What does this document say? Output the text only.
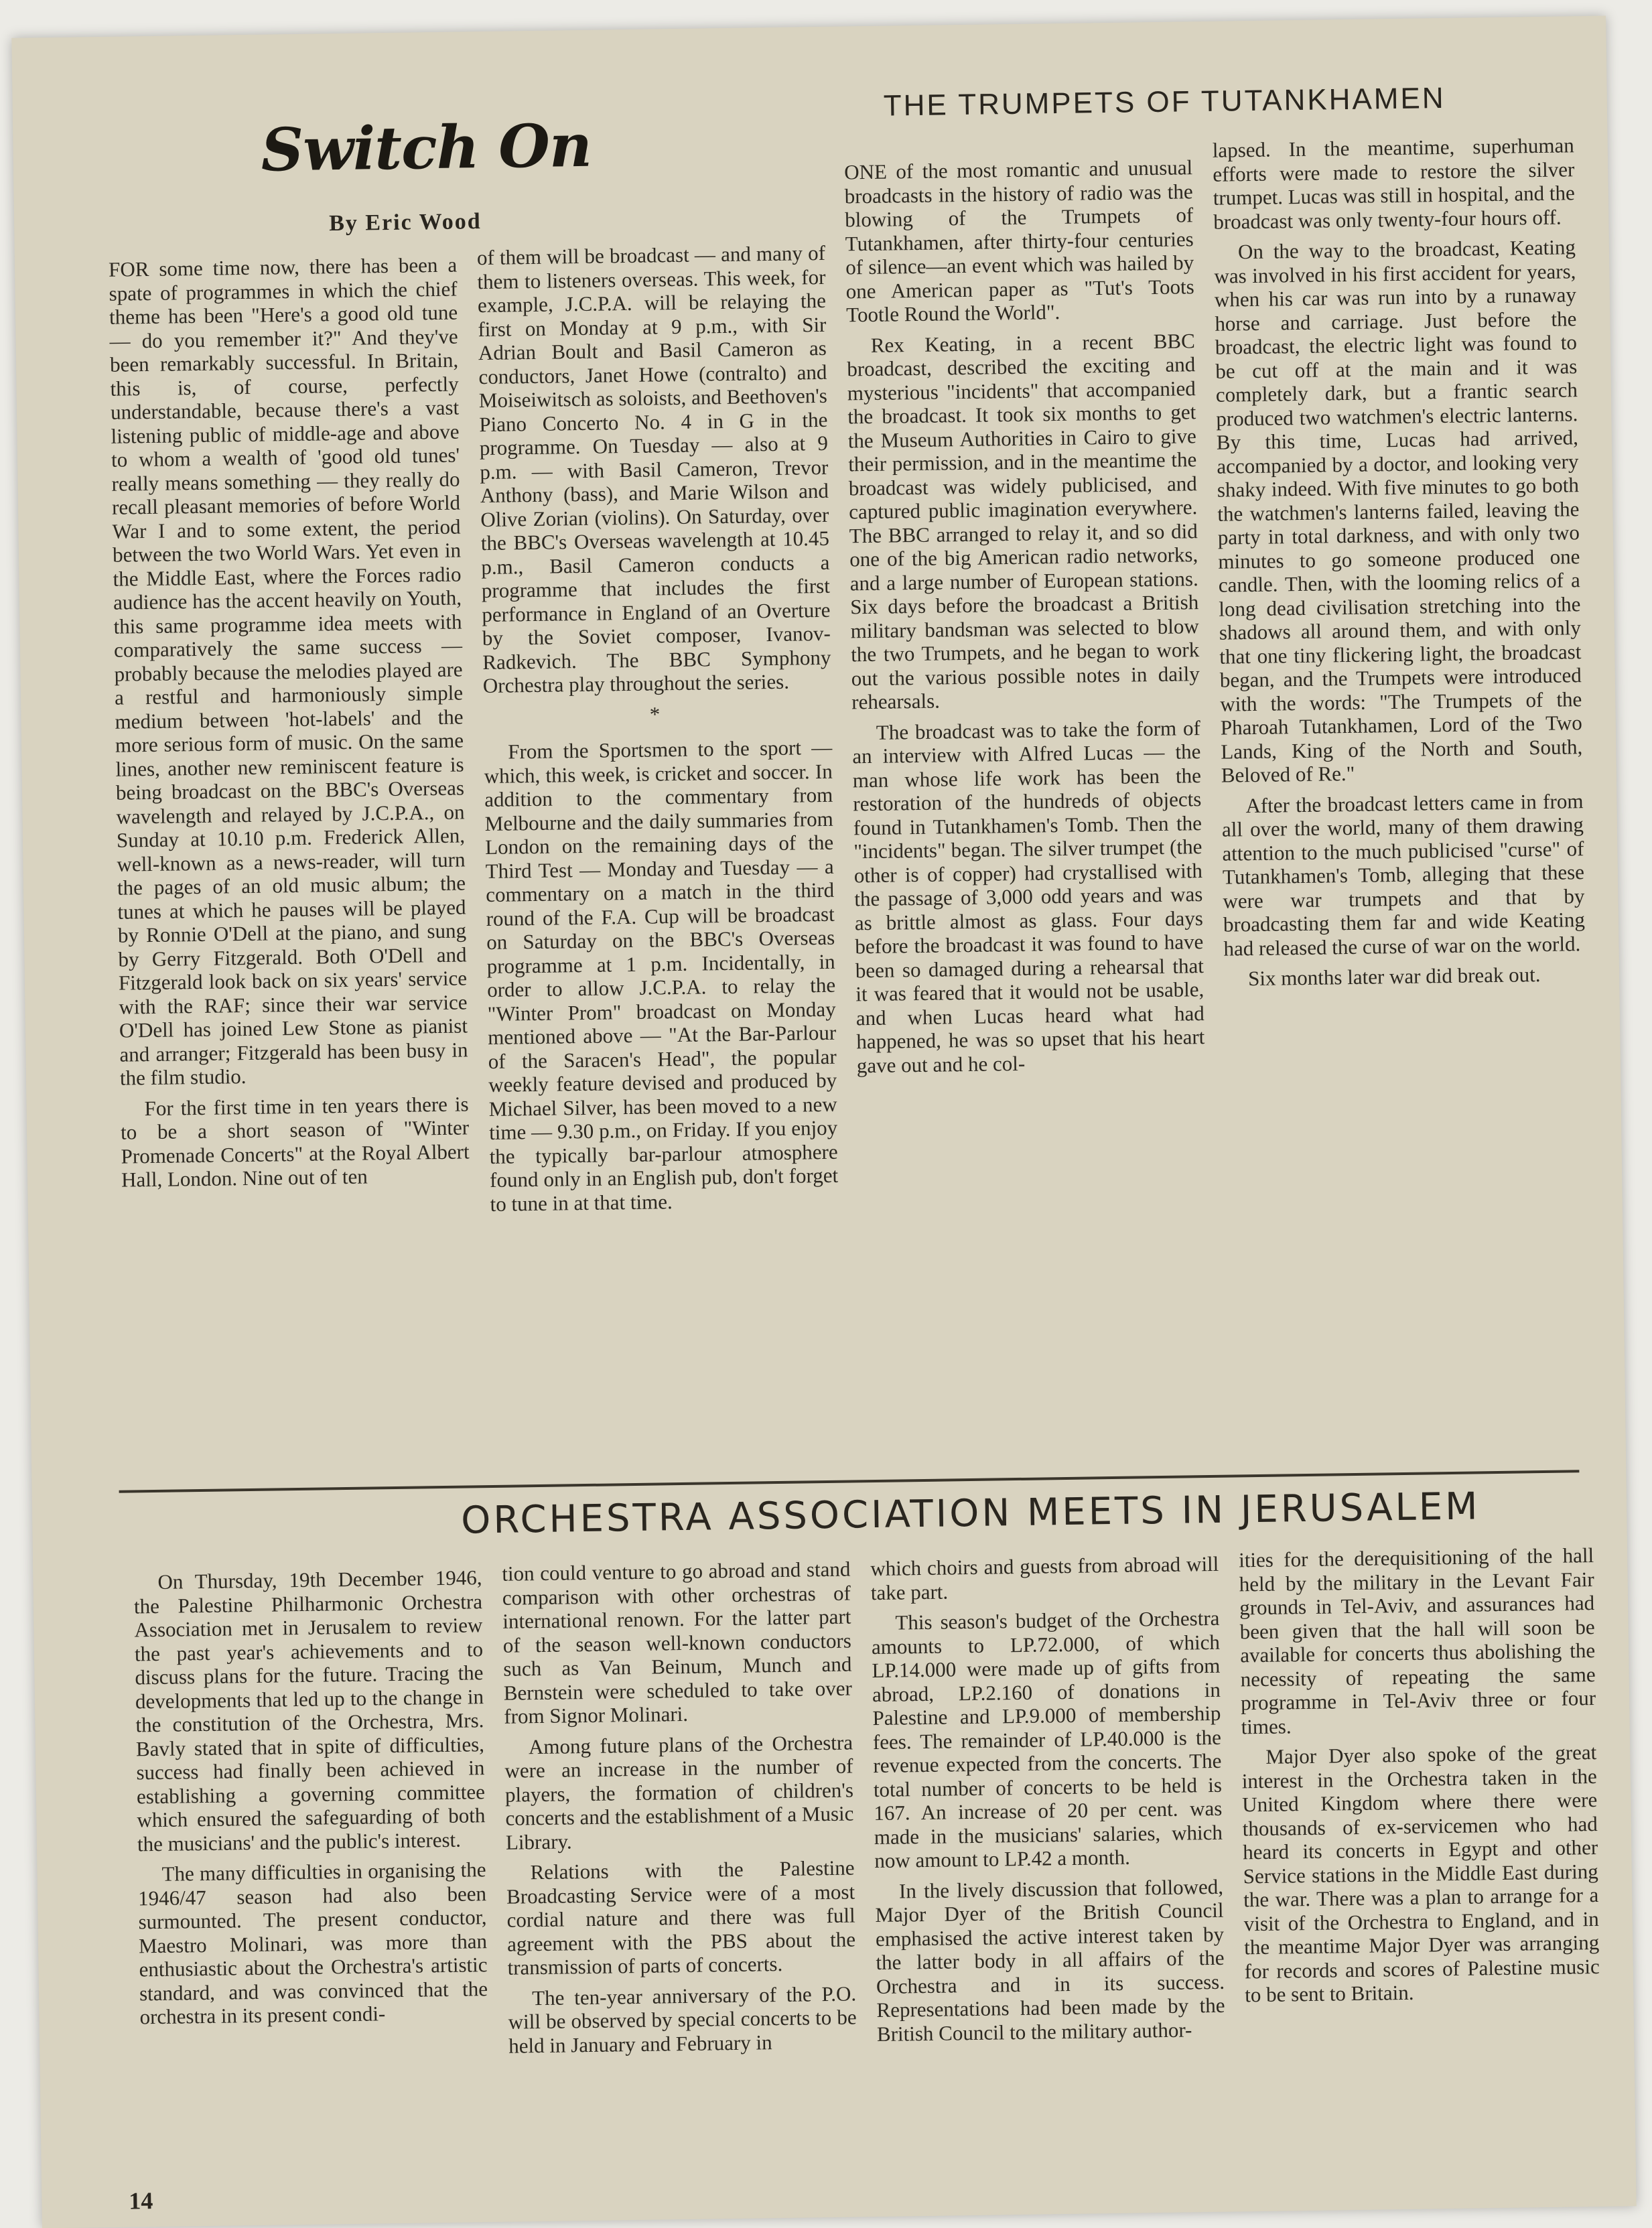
Switch On
By Eric Wood

FOR some time now, there has been a spate of programmes in which the chief theme has been "Here's a good old tune — do you remember it?" And they've been remarkably successful. In Britain, this is, of course, perfectly understandable, because there's a vast listening public of middle-age and above to whom a wealth of 'good old tunes' really means something — they really do recall pleasant memories of before World War I and to some extent, the period between the two World Wars. Yet even in the Middle East, where the Forces radio audience has the accent heavily on Youth, this same programme idea meets with comparatively the same success — probably because the melodies played are a restful and harmoniously simple medium between 'hot-labels' and the more serious form of music. On the same lines, another new reminiscent feature is being broadcast on the BBC's Overseas wavelength and relayed by J.C.P.A., on Sunday at 10.10 p.m. Frederick Allen, well-known as a news-reader, will turn the pages of an old music album; the tunes at which he pauses will be played by Ronnie O'Dell at the piano, and sung by Gerry Fitzgerald. Both O'Dell and Fitzgerald look back on six years' service with the RAF; since their war service O'Dell has joined Lew Stone as pianist and arranger; Fitzgerald has been busy in the film studio.

For the first time in ten years there is to be a short season of "Winter Promenade Concerts" at the Royal Albert Hall, London. Nine out of ten

of them will be broadcast — and many of them to listeners overseas. This week, for example, J.C.P.A. will be relaying the first on Monday at 9 p.m., with Sir Adrian Boult and Basil Cameron as conductors, Janet Howe (contralto) and Moiseiwitsch as soloists, and Beethoven's Piano Concerto No. 4 in G in the programme. On Tuesday — also at 9 p.m. — with Basil Cameron, Trevor Anthony (bass), and Marie Wilson and Olive Zorian (violins). On Saturday, over the BBC's Overseas wavelength at 10.45 p.m., Basil Cameron conducts a programme that includes the first performance in England of an Overture by the Soviet composer, Ivanov-Radkevich. The BBC Symphony Orchestra play throughout the series.

*

From the Sportsmen to the sport — which, this week, is cricket and soccer. In addition to the commentary from Melbourne and the daily summaries from London on the remaining days of the Third Test — Monday and Tuesday — a commentary on a match in the third round of the F.A. Cup will be broadcast on Saturday on the BBC's Overseas programme at 1 p.m. Incidentally, in order to allow J.C.P.A. to relay the "Winter Prom" broadcast on Monday mentioned above — "At the Bar-Parlour of the Saracen's Head", the popular weekly feature devised and produced by Michael Silver, has been moved to a new time — 9.30 p.m., on Friday. If you enjoy the typically bar-parlour atmosphere found only in an English pub, don't forget to tune in at that time.

THE TRUMPETS OF TUTANKHAMEN

ONE of the most romantic and unusual broadcasts in the history of radio was the blowing of the Trumpets of Tutankhamen, after thirty-four centuries of silence—an event which was hailed by one American paper as "Tut's Toots Tootle Round the World".

Rex Keating, in a recent BBC broadcast, described the exciting and mysterious "incidents" that accompanied the broadcast. It took six months to get the Museum Authorities in Cairo to give their permission, and in the meantime the broadcast was widely publicised, and captured public imagination everywhere. The BBC arranged to relay it, and so did one of the big American radio networks, and a large number of European stations. Six days before the broadcast a British military bandsman was selected to blow the two Trumpets, and he began to work out the various possible notes in daily rehearsals.

The broadcast was to take the form of an interview with Alfred Lucas — the man whose life work has been the restoration of the hundreds of objects found in Tutankhamen's Tomb. Then the "incidents" began. The silver trumpet (the other is of copper) had crystallised with the passage of 3,000 odd years and was as brittle almost as glass. Four days before the broadcast it was found to have been so damaged during a rehearsal that it was feared that it would not be usable, and when Lucas heard what had happened, he was so upset that his heart gave out and he col-

lapsed. In the meantime, superhuman efforts were made to restore the silver trumpet. Lucas was still in hospital, and the broadcast was only twenty-four hours off.

On the way to the broadcast, Keating was involved in his first accident for years, when his car was run into by a runaway horse and carriage. Just before the broadcast, the electric light was found to be cut off at the main and it was completely dark, but a frantic search produced two watchmen's electric lanterns. By this time, Lucas had arrived, accompanied by a doctor, and looking very shaky indeed. With five minutes to go both the watchmen's lanterns failed, leaving the party in total darkness, and with only two minutes to go someone produced one candle. Then, with the looming relics of a long dead civilisation stretching into the shadows all around them, and with only that one tiny flickering light, the broadcast began, and the Trumpets were introduced with the words: "The Trumpets of the Pharoah Tutankhamen, Lord of the Two Lands, King of the North and South, Beloved of Re."

After the broadcast letters came in from all over the world, many of them drawing attention to the much publicised "curse" of Tutankhamen's Tomb, alleging that these were war trumpets and that by broadcasting them far and wide Keating had released the curse of war on the world.

Six months later war did break out.

ORCHESTRA ASSOCIATION MEETS IN JERUSALEM

On Thursday, 19th December 1946, the Palestine Philharmonic Orchestra Association met in Jerusalem to review the past year's achievements and to discuss plans for the future. Tracing the developments that led up to the change in the constitution of the Orchestra, Mrs. Bavly stated that in spite of difficulties, success had finally been achieved in establishing a governing committee which ensured the safeguarding of both the musicians' and the public's interest.

The many difficulties in organising the 1946/47 season had also been surmounted. The present conductor, Maestro Molinari, was more than enthusiastic about the Orchestra's artistic standard, and was convinced that the orchestra in its present condi-

tion could venture to go abroad and stand comparison with other orchestras of international renown. For the latter part of the season well-known conductors such as Van Beinum, Munch and Bernstein were scheduled to take over from Signor Molinari.

Among future plans of the Orchestra were an increase in the number of players, the formation of children's concerts and the establishment of a Music Library.

Relations with the Palestine Broadcasting Service were of a most cordial nature and there was full agreement with the PBS about the transmission of parts of concerts.

The ten-year anniversary of the P.O. will be observed by special concerts to be held in January and February in

which choirs and guests from abroad will take part.

This season's budget of the Orchestra amounts to LP.72.000, of which LP.14.000 were made up of gifts from abroad, LP.2.160 of donations in Palestine and LP.9.000 of membership fees. The remainder of LP.40.000 is the revenue expected from the concerts. The total number of concerts to be held is 167. An increase of 20 per cent. was made in the musicians' salaries, which now amount to LP.42 a month.

In the lively discussion that followed, Major Dyer of the British Council emphasised the active interest taken by the latter body in all affairs of the Orchestra and in its success. Representations had been made by the British Council to the military author-

ities for the derequisitioning of the hall held by the military in the Levant Fair grounds in Tel-Aviv, and assurances had been given that the hall will soon be available for concerts thus abolishing the necessity of repeating the same programme in Tel-Aviv three or four times.

Major Dyer also spoke of the great interest in the Orchestra taken in the United Kingdom where there were thousands of ex-servicemen who had heard its concerts in Egypt and other Service stations in the Middle East during the war. There was a plan to arrange for a visit of the Orchestra to England, and in the meantime Major Dyer was arranging for records and scores of Palestine music to be sent to Britain.

14
